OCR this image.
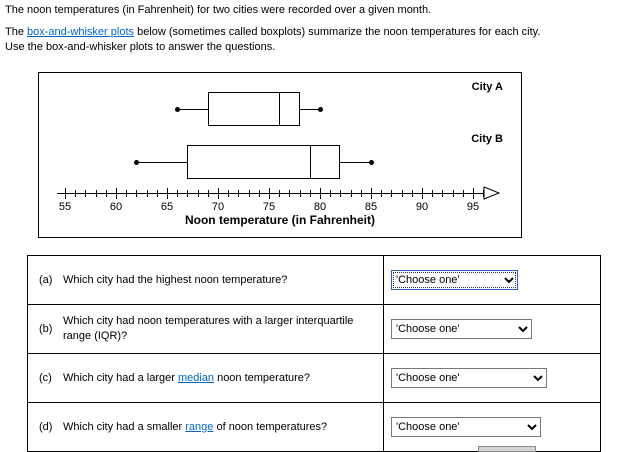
The noon temperatures (in Fahrenheit) for two cities were recorded over a given month.
The box-and-whisker plots below (sometimes called boxplots) summarize the noon temperatures for each city.
Use the box-and-whisker plots to answer the questions.
55	60	65	70	75	80	85	90	95
City A
City B
Noon temperature (in Fahrenheit)
(a) Which city had the highest noon temperature?
'Choose one'
(b)
Which city had noon temperatures with a larger interquartile range (IQR)?
'Choose one'
(c)	Which city had a larger median noon temperature?
'Choose one'
(d) Which city had a smaller range of noon temperatures?
'Choose one'
